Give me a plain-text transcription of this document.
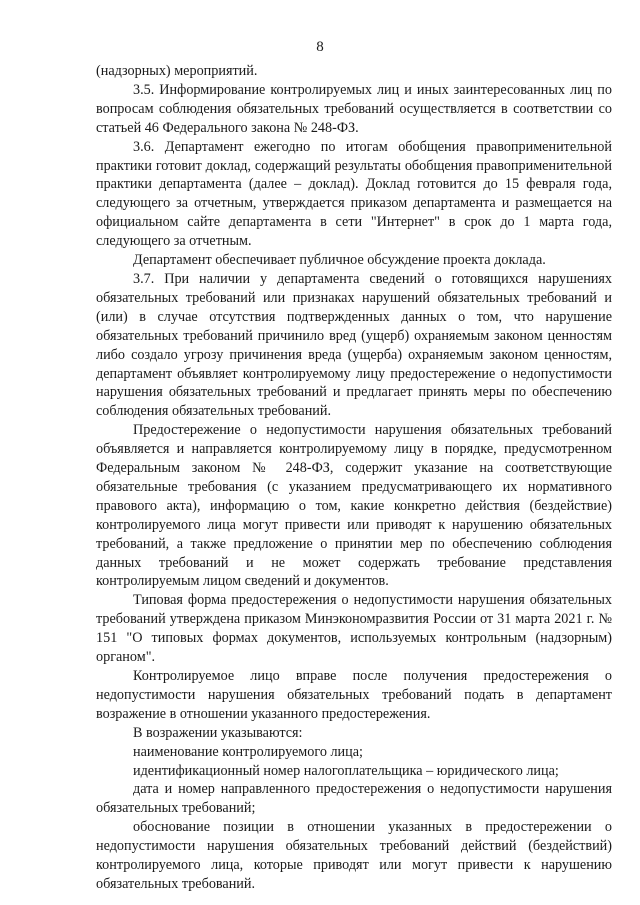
8

(надзорных) мероприятий.

3.5. Информирование контролируемых лиц и иных заинтересованных лиц по вопросам соблюдения обязательных требований осуществляется в соответствии со статьей 46 Федерального закона № 248-ФЗ.

3.6. Департамент ежегодно по итогам обобщения правоприменительной практики готовит доклад, содержащий результаты обобщения правоприменительной практики департамента (далее – доклад). Доклад готовится до 15 февраля года, следующего за отчетным, утверждается приказом департамента и размещается на официальном сайте департамента в сети "Интернет" в срок до 1 марта года, следующего за отчетным.

Департамент обеспечивает публичное обсуждение проекта доклада.

3.7. При наличии у департамента сведений о готовящихся нарушениях обязательных требований или признаках нарушений обязательных требований и (или) в случае отсутствия подтвержденных данных о том, что нарушение обязательных требований причинило вред (ущерб) охраняемым законом ценностям либо создало угрозу причинения вреда (ущерба) охраняемым законом ценностям, департамент объявляет контролируемому лицу предостережение о недопустимости нарушения обязательных требований и предлагает принять меры по обеспечению соблюдения обязательных требований.

Предостережение о недопустимости нарушения обязательных требований объявляется и направляется контролируемому лицу в порядке, предусмотренном Федеральным законом № 248-ФЗ, содержит указание на соответствующие обязательные требования (с указанием предусматривающего их нормативного правового акта), информацию о том, какие конкретно действия (бездействие) контролируемого лица могут привести или приводят к нарушению обязательных требований, а также предложение о принятии мер по обеспечению соблюдения данных требований и не может содержать требование представления контролируемым лицом сведений и документов.

Типовая форма предостережения о недопустимости нарушения обязательных требований утверждена приказом Минэкономразвития России от 31 марта 2021 г. № 151 "О типовых формах документов, используемых контрольным (надзорным) органом".

Контролируемое лицо вправе после получения предостережения о недопустимости нарушения обязательных требований подать в департамент возражение в отношении указанного предостережения.

В возражении указываются:

наименование контролируемого лица;

идентификационный номер налогоплательщика – юридического лица;

дата и номер направленного предостережения о недопустимости нарушения обязательных требований;

обоснование позиции в отношении указанных в предостережении о недопустимости нарушения обязательных требований действий (бездействий) контролируемого лица, которые приводят или могут привести к нарушению обязательных требований.
